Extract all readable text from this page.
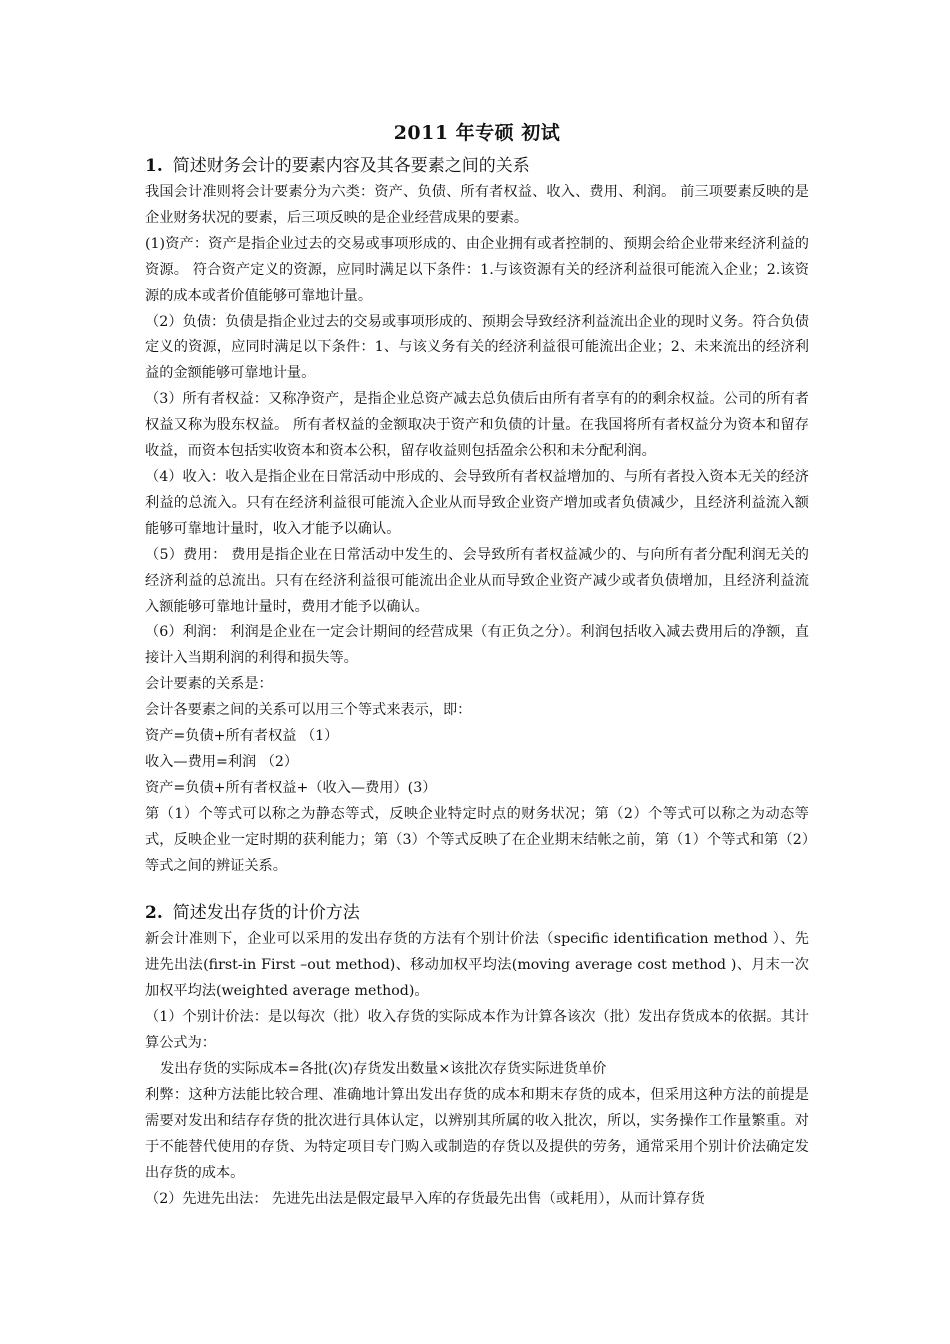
2011 年专硕 初试
1. 简述财务会计的要素内容及其各要素之间的关系

我国会计准则将会计要素分为六类：资产、负债、所有者权益、收入、费用、利润。 前三项要素反映的是企业财务状况的要素，后三项反映的是企业经营成果的要素。

(1)资产：资产是指企业过去的交易或事项形成的、由企业拥有或者控制的、预期会给企业带来经济利益的资源。 符合资产定义的资源，应同时满足以下条件：1.与该资源有关的经济利益很可能流入企业；2.该资源的成本或者价值能够可靠地计量。

（2）负债：负债是指企业过去的交易或事项形成的、预期会导致经济利益流出企业的现时义务。符合负债定义的资源，应同时满足以下条件：1、与该义务有关的经济利益很可能流出企业；2、未来流出的经济利益的金额能够可靠地计量。

（3）所有者权益：又称净资产，是指企业总资产减去总负债后由所有者享有的的剩余权益。公司的所有者权益又称为股东权益。 所有者权益的金额取决于资产和负债的计量。在我国将所有者权益分为资本和留存收益，而资本包括实收资本和资本公积，留存收益则包括盈余公积和未分配利润。

（4）收入：收入是指企业在日常活动中形成的、会导致所有者权益增加的、与所有者投入资本无关的经济利益的总流入。只有在经济利益很可能流入企业从而导致企业资产增加或者负债减少，且经济利益流入额能够可靠地计量时，收入才能予以确认。

（5）费用： 费用是指企业在日常活动中发生的、会导致所有者权益减少的、与向所有者分配利润无关的经济利益的总流出。只有在经济利益很可能流出企业从而导致企业资产减少或者负债增加，且经济利益流入额能够可靠地计量时，费用才能予以确认。

（6）利润： 利润是企业在一定会计期间的经营成果（有正负之分）。利润包括收入减去费用后的净额，直接计入当期利润的利得和损失等。

会计要素的关系是：

会计各要素之间的关系可以用三个等式来表示，即：

资产=负债+所有者权益 （1）

收入—费用=利润 （2）

资产=负债+所有者权益+（收入—费用）(3）

第（1）个等式可以称之为静态等式，反映企业特定时点的财务状况；第（2）个等式可以称之为动态等式，反映企业一定时期的获利能力；第（3）个等式反映了在企业期末结帐之前，第（1）个等式和第（2）等式之间的辨证关系。

2. 简述发出存货的计价方法

新会计准则下，企业可以采用的发出存货的方法有个别计价法（specific identification method ）、先进先出法(first-in First –out method)、移动加权平均法(moving average cost method )、月末一次加权平均法(weighted average method)。

（1）个别计价法：是以每次（批）收入存货的实际成本作为计算各该次（批）发出存货成本的依据。其计算公式为：

发出存货的实际成本=各批(次)存货发出数量×该批次存货实际进货单价

利弊：这种方法能比较合理、准确地计算出发出存货的成本和期末存货的成本，但采用这种方法的前提是需要对发出和结存存货的批次进行具体认定，以辨别其所属的收入批次，所以，实务操作工作量繁重。对于不能替代使用的存货、为特定项目专门购入或制造的存货以及提供的劳务，通常采用个别计价法确定发出存货的成本。

（2）先进先出法： 先进先出法是假定最早入库的存货最先出售（或耗用），从而计算存货
